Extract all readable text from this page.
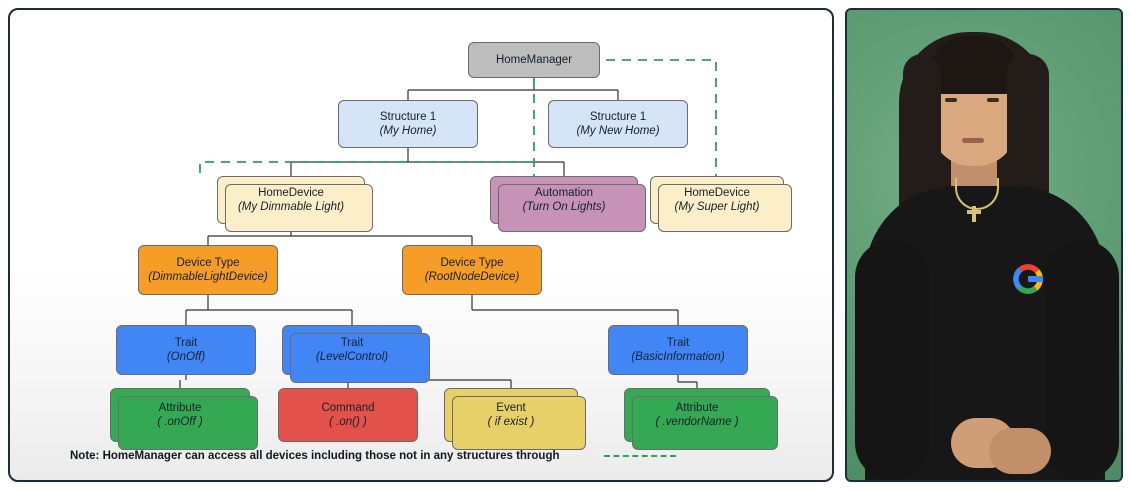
HomeManager
Structure 1
(My Home)
Structure 1
(My New Home)
HomeDevice
(My Dimmable Light)
Automation
(Turn On Lights)
HomeDevice
(My Super Light)
Device Type
(DimmableLightDevice)
Device Type
(RootNodeDevice)
Trait
(OnOff)
Trait
(LevelControl)
Trait
(BasicInformation)
Attribute
( .onOff )
Command
( .on() )
Event
( if exist )
Attribute
( .vendorName )
Note: HomeManager can access all devices including those not in any structures through
